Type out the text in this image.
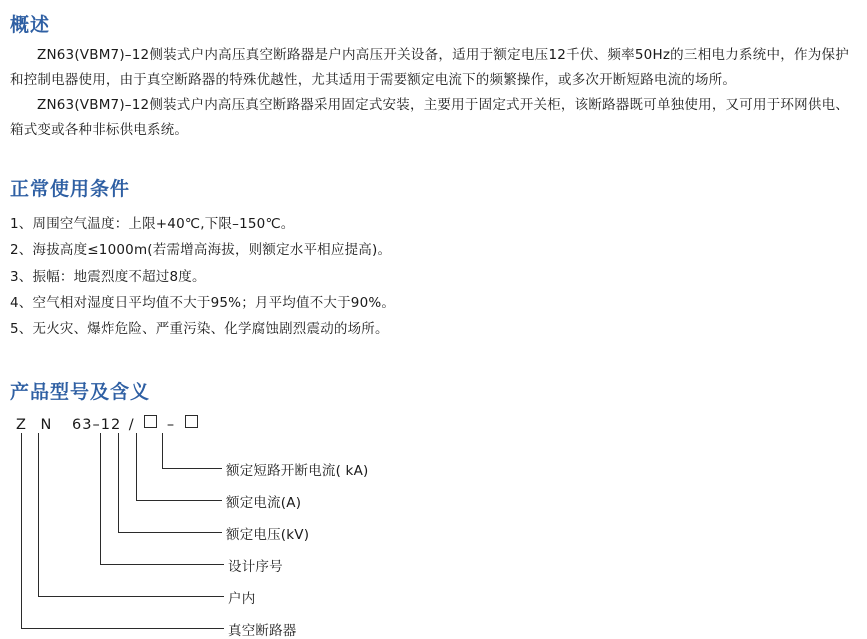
概述

ZN63(VBM7)–12侧装式户内高压真空断路器是户内高压开关设备，适用于额定电压12千伏、频率50Hz的三相电力系统中，作为保护和控制电器使用，由于真空断路器的特殊优越性，尤其适用于需要额定电流下的频繁操作，或多次开断短路电流的场所。

ZN63(VBM7)–12侧装式户内高压真空断路器采用固定式安装，主要用于固定式开关柜，该断路器既可单独使用，又可用于环网供电、箱式变或各种非标供电系统。

正常使用条件

1、周围空气温度：上限+40℃,下限–150℃。

2、海拔高度≤1000m(若需增高海拔，则额定水平相应提高)。

3、振幅：地震烈度不超过8度。

4、空气相对湿度日平均值不大于95%；月平均值不大于90%。

5、无火灾、爆炸危险、严重污染、化学腐蚀剧烈震动的场所。

产品型号及含义
Z N 63–12 / –
额定短路开断电流( kA)
额定电流(A)
额定电压(kV)
设计序号
户内
真空断路器
